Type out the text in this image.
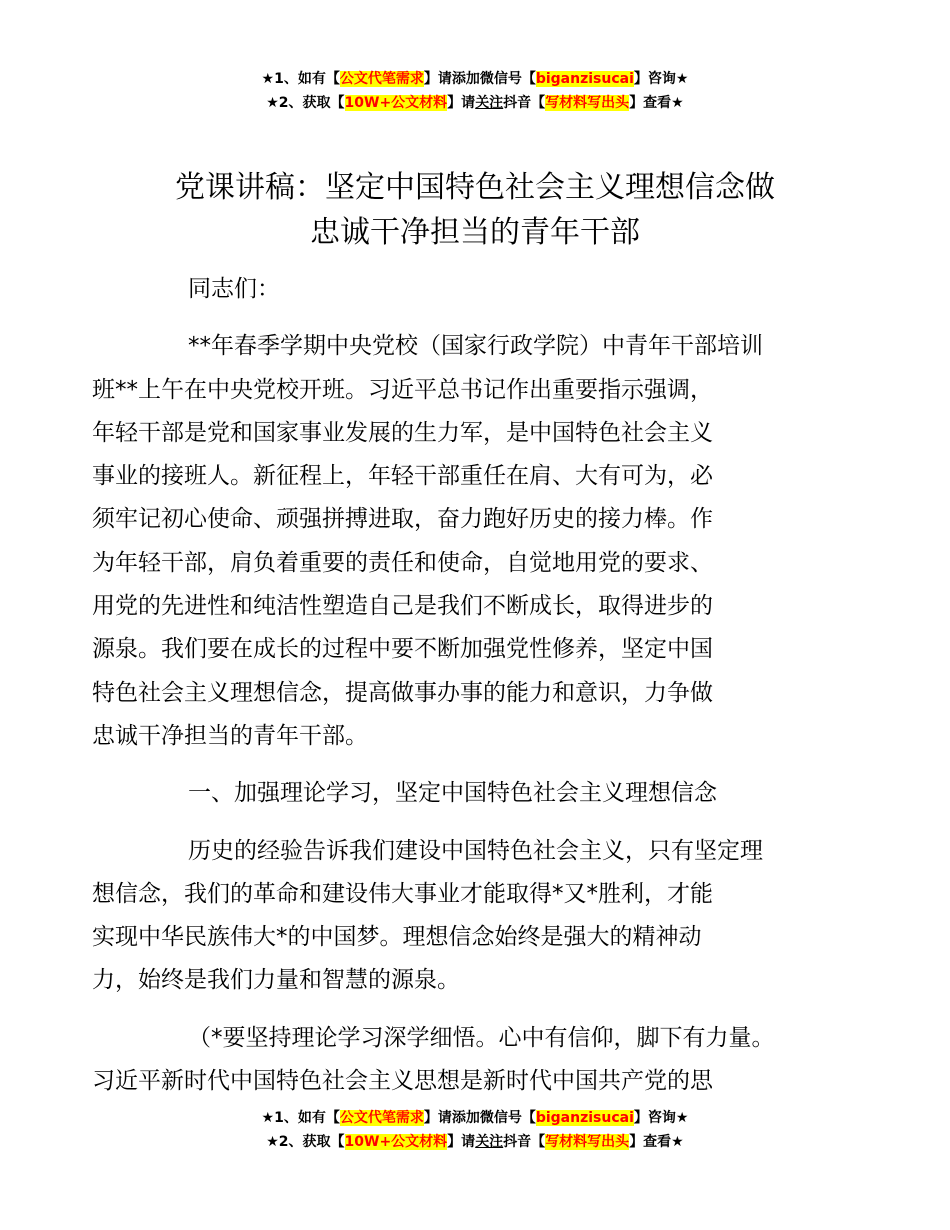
★1、如有【公文代笔需求】请添加微信号【biganzisucai】咨询★
★2、获取【10W+公文材料】请关注抖音【写材料写出头】查看★
党课讲稿：坚定中国特色社会主义理想信念做
忠诚干净担当的青年干部
同志们：
**年春季学期中央党校（国家行政学院）中青年干部培训
班**上午在中央党校开班。习近平总书记作出重要指示强调，
年轻干部是党和国家事业发展的生力军，是中国特色社会主义
事业的接班人。新征程上，年轻干部重任在肩、大有可为，必
须牢记初心使命、顽强拼搏进取，奋力跑好历史的接力棒。作
为年轻干部，肩负着重要的责任和使命，自觉地用党的要求、
用党的先进性和纯洁性塑造自己是我们不断成长，取得进步的
源泉。我们要在成长的过程中要不断加强党性修养，坚定中国
特色社会主义理想信念，提高做事办事的能力和意识，力争做
忠诚干净担当的青年干部。
一、加强理论学习，坚定中国特色社会主义理想信念
历史的经验告诉我们建设中国特色社会主义，只有坚定理
想信念，我们的革命和建设伟大事业才能取得*又*胜利，才能
实现中华民族伟大*的中国梦。理想信念始终是强大的精神动
力，始终是我们力量和智慧的源泉。
（*要坚持理论学习深学细悟。心中有信仰，脚下有力量。
习近平新时代中国特色社会主义思想是新时代中国共产党的思
★1、如有【公文代笔需求】请添加微信号【biganzisucai】咨询★
★2、获取【10W+公文材料】请关注抖音【写材料写出头】查看★
